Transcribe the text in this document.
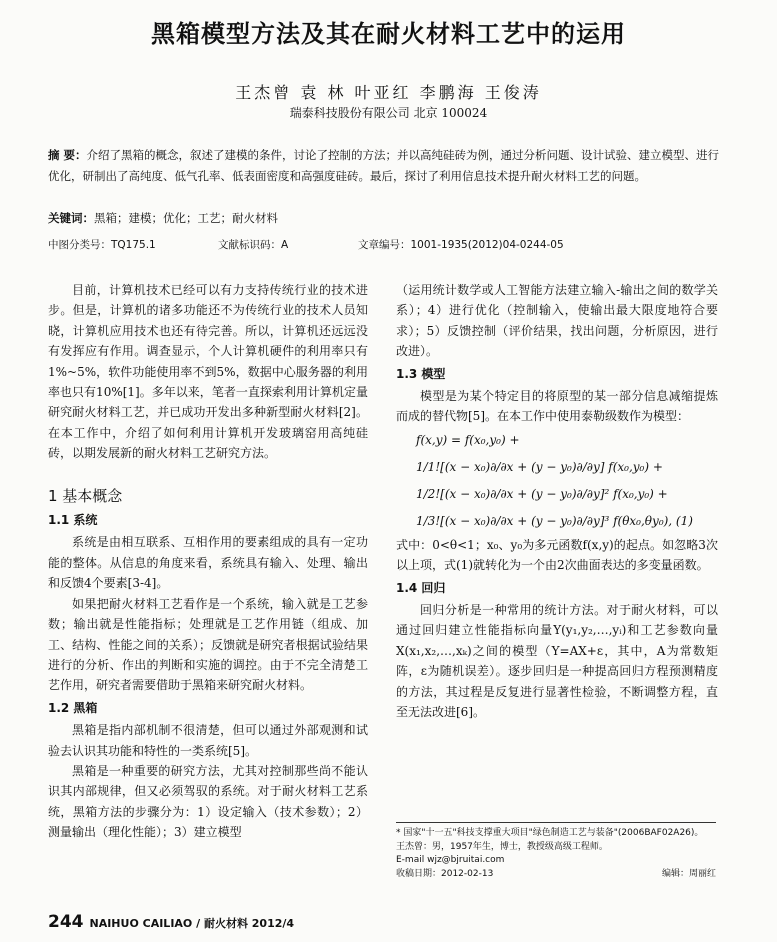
黑箱模型方法及其在耐火材料工艺中的运用
王杰曾 袁 林 叶亚红 李鹏海 王俊涛
瑞泰科技股份有限公司 北京 100024
摘 要：介绍了黑箱的概念，叙述了建模的条件，讨论了控制的方法；并以高纯硅砖为例，通过分析问题、设计试验、建立模型、进行优化，研制出了高纯度、低气孔率、低表面密度和高强度硅砖。最后，探讨了利用信息技术提升耐火材料工艺的问题。
关键词：黑箱；建模；优化；工艺；耐火材料
中图分类号：TQ175.1	文献标识码：A	文章编号：1001-1935(2012)04-0244-05

目前，计算机技术已经可以有力支持传统行业的技术进步。但是，计算机的诸多功能还不为传统行业的技术人员知晓，计算机应用技术也还有待完善。所以，计算机还远远没有发挥应有作用。调查显示，个人计算机硬件的利用率只有1%~5%，软件功能使用率不到5%，数据中心服务器的利用率也只有10%[1]。多年以来，笔者一直探索利用计算机定量研究耐火材料工艺，并已成功开发出多种新型耐火材料[2]。在本工作中，介绍了如何利用计算机开发玻璃窑用高纯硅砖，以期发展新的耐火材料工艺研究方法。

1 基本概念
1.1 系统

系统是由相互联系、互相作用的要素组成的具有一定功能的整体。从信息的角度来看，系统具有输入、处理、输出和反馈4个要素[3-4]。

如果把耐火材料工艺看作是一个系统，输入就是工艺参数；输出就是性能指标；处理就是工艺作用链（组成、加工、结构、性能之间的关系）；反馈就是研究者根据试验结果进行的分析、作出的判断和实施的调控。由于不完全清楚工艺作用，研究者需要借助于黑箱来研究耐火材料。

1.2 黑箱

黑箱是指内部机制不很清楚，但可以通过外部观测和试验去认识其功能和特性的一类系统[5]。

黑箱是一种重要的研究方法，尤其对控制那些尚不能认识其内部规律，但又必须驾驭的系统。对于耐火材料工艺系统，黑箱方法的步骤分为：1）设定输入（技术参数）；2）测量输出（理化性能）；3）建立模型

（运用统计数学或人工智能方法建立输入-输出之间的数学关系）；4）进行优化（控制输入，使输出最大限度地符合要求）；5）反馈控制（评价结果，找出问题，分析原因，进行改进）。

1.3 模型

模型是为某个特定目的将原型的某一部分信息减缩提炼而成的替代物[5]。在本工作中使用泰勒级数作为模型：

f(x,y) = f(x₀,y₀) +
1/1![(x − x₀)∂/∂x + (y − y₀)∂/∂y] f(x₀,y₀) +
1/2![(x − x₀)∂/∂x + (y − y₀)∂/∂y]² f(x₀,y₀) +
1/3![(x − x₀)∂/∂x + (y − y₀)∂/∂y]³ f(θx₀,θy₀), (1)

式中：0<θ<1；x₀、y₀为多元函数f(x,y)的起点。如忽略3次以上项，式(1)就转化为一个由2次曲面表达的多变量函数。

1.4 回归

回归分析是一种常用的统计方法。对于耐火材料，可以通过回归建立性能指标向量Y(y₁,y₂,…,yᵢ)和工艺参数向量X(x₁,x₂,…,xₖ)之间的模型（Y=AX+ε，其中，A为常数矩阵，ε为随机误差）。逐步回归是一种提高回归方程预测精度的方法，其过程是反复进行显著性检验，不断调整方程，直至无法改进[6]。

* 国家"十一五"科技支撑重大项目"绿色制造工艺与装备"(2006BAF02A26)。
王杰曾：男，1957年生，博士，教授级高级工程师。
E-mail wjz@bjruitai.com
收稿日期：2012-02-13	编辑：周丽红
244 NAIHUO CAILIAO / 耐火材料 2012/4
